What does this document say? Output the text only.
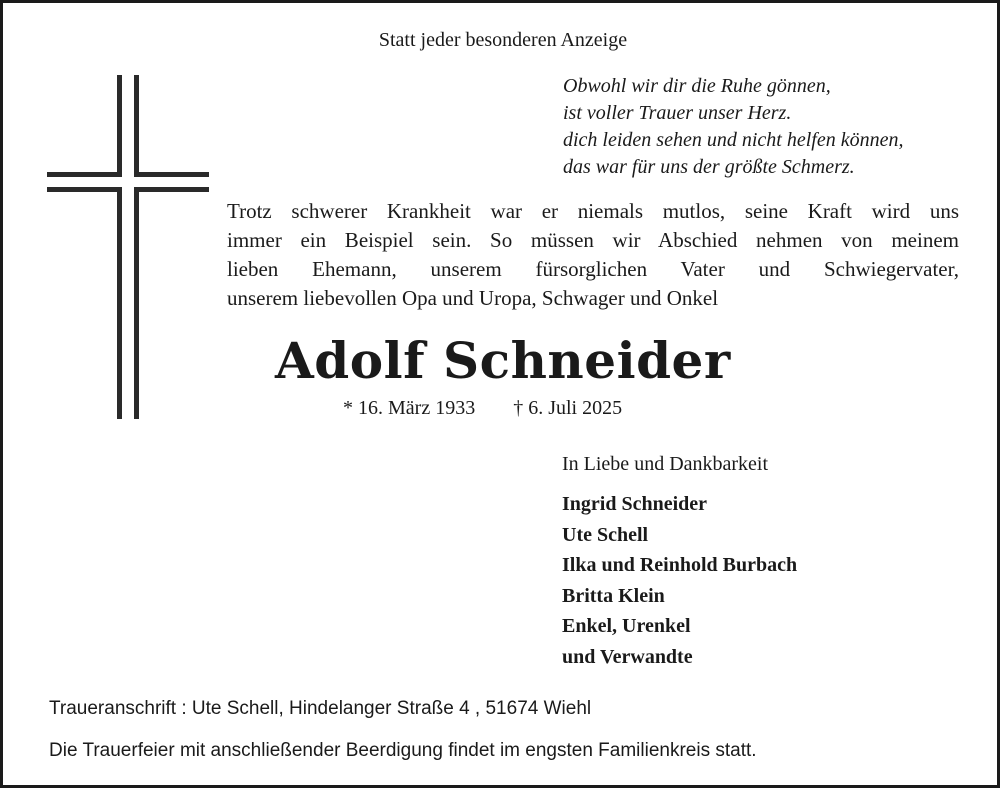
Statt jeder besonderen Anzeige
Obwohl wir dir die Ruhe gönnen,
ist voller Trauer unser Herz.
dich leiden sehen und nicht helfen können,
das war für uns der größte Schmerz.
Trotz schwerer Krankheit war er niemals mutlos, seine Kraft wird uns
immer ein Beispiel sein. So müssen wir Abschied nehmen von meinem
lieben Ehemann, unserem fürsorglichen Vater und Schwiegervater,
unserem liebevollen Opa und Uropa, Schwager und Onkel
Adolf Schneider
* 16. März 1933 † 6. Juli 2025
In Liebe und Dankbarkeit
Ingrid Schneider
Ute Schell
Ilka und Reinhold Burbach
Britta Klein
Enkel, Urenkel
und Verwandte
Traueranschrift : Ute Schell, Hindelanger Straße 4 , 51674 Wiehl
Die Trauerfeier mit anschließender Beerdigung findet im engsten Familienkreis statt.
